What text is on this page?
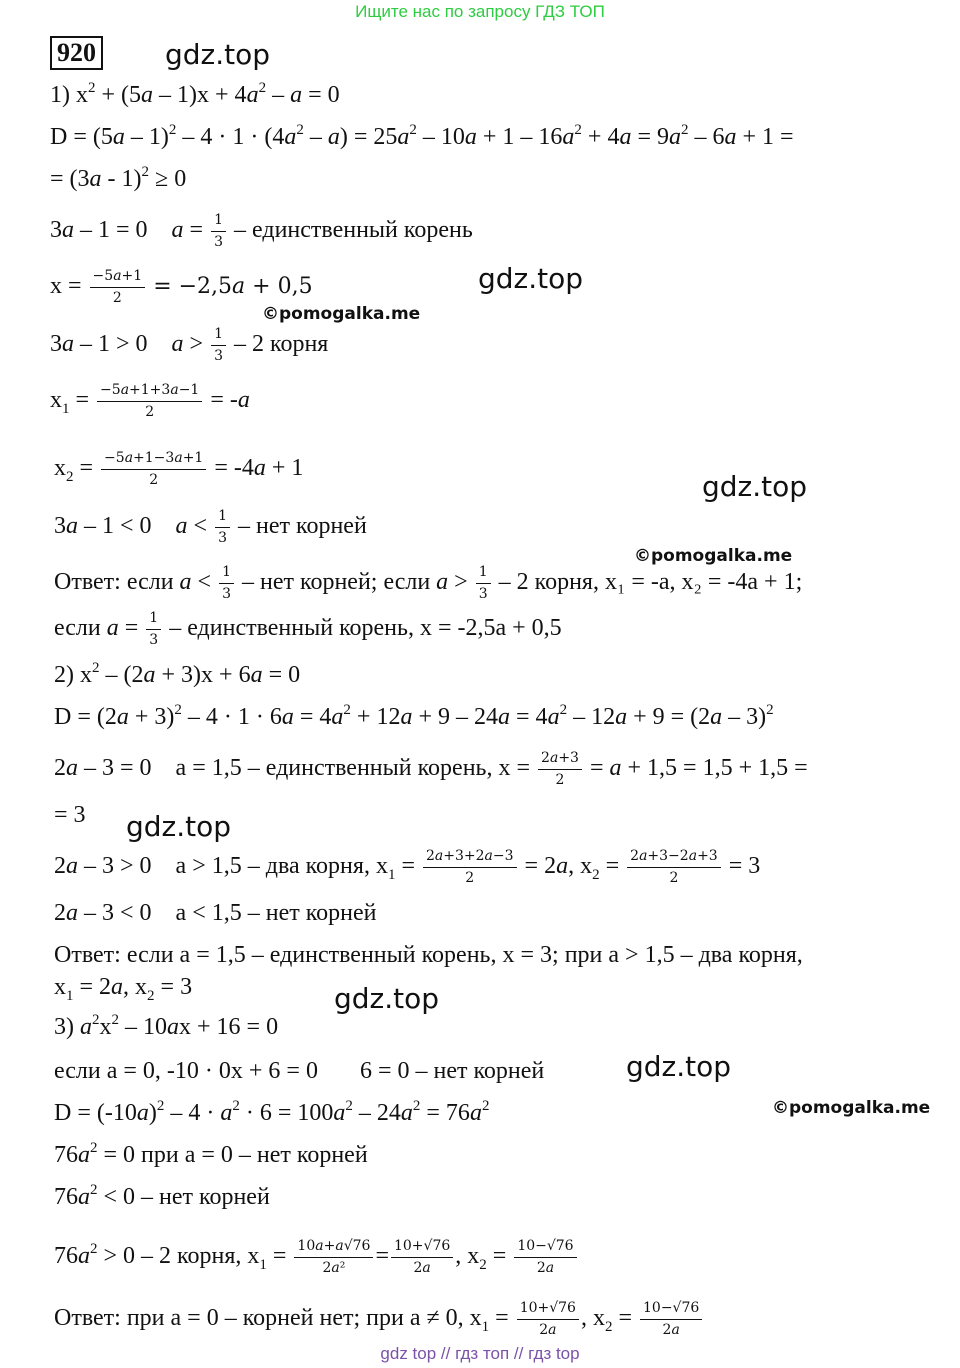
Ищите нас по запросу ГДЗ ТОП
920 gdz.top
1) $x^2 + (5a - 1)x + 4a^2 - a = 0$
$D = (5a - 1)^2 - 4 \cdot 1 \cdot (4a^2 - a) = 25a^2 - 10a + 1 - 16a^2 + 4a = 9a^2 - 6a + 1$ =
= (3a - 1)$^2$ ≥ 0
3a – 1 = 0    $a = \frac{1}{3}$ – единственный корень
$x = \frac{-5a+1}{2} = -2,5a + 0,5$	gdz.top
©pomogalka.me
3a – 1 > 0    $a > \frac{1}{3} - 2$ корня
$x_1 = \frac{-5a+1+3a-1}{2} = -a$
$x_2 = \frac{-5a+1-3a+1}{2} = -4a + 1$
gdz.top
3a – 1 < 0    $a < \frac{1}{3}$ – нет корней
©pomogalka.me
Ответ: если $a < \frac{1}{3}$ – нет корней; если $a > \frac{1}{3} - 2$ корня, x₁ = -a, x₂ = -4a + 1;
если $a = \frac{1}{3}$ – единственный корень, x = -2,5a + 0,5
2) $x^2 - (2a + 3)x + 6a = 0$
$D = (2a + 3)^2 - 4 \cdot 1 \cdot 6a = 4a^2 + 12a + 9 - 24a = 4a^2 - 12a + 9 = (2a - 3)^2$
2a – 3 = 0    a = 1,5 – единственный корень, $x = \frac{2a+3}{2} = a + 1,5 = 1,5 + 1,5$ =
= 3 gdz.top
2a – 3 > 0    a > 1,5 – два корня, $x_1 = \frac{2a+3+2a-3}{2} = 2a$, $x_2 = \frac{2a+3-2a+3}{2} = 3$
2a – 3 < 0    a < 1,5 – нет корней
Ответ: если a = 1,5 – единственный корень, x = 3; при a > 1,5 – два корня,
$x_1 = 2a$, $x_2 = 3$	gdz.top
3) $a^2x^2 - 10ax + 16 = 0$
если a = 0, -10 · 0x + 6 = 0 6 = 0 – нет корней	gdz.top
$D = (-10a)^2 - 4 \cdot a^2 \cdot 6 = 100a^2 - 24a^2 = 76a^2$	©pomogalka.me
$76a^2 = 0$ при a = 0 – нет корней
$76a^2 < 0$ – нет корней
$76a^2 > 0 - 2$ корня, $x_1 = \frac{10a+a√76}{\text{2a²}} = \frac{10+√76}{2a}$ , $x_2 = \frac{10-√76}{2a}$
Ответ: при a = 0 – корней нет; при a ≠ 0, $x_1 = \frac{10+√76}{2a}$ , $x_2 = \frac{10-√76}{2a}$
gdz top // гдз топ // гдз top
